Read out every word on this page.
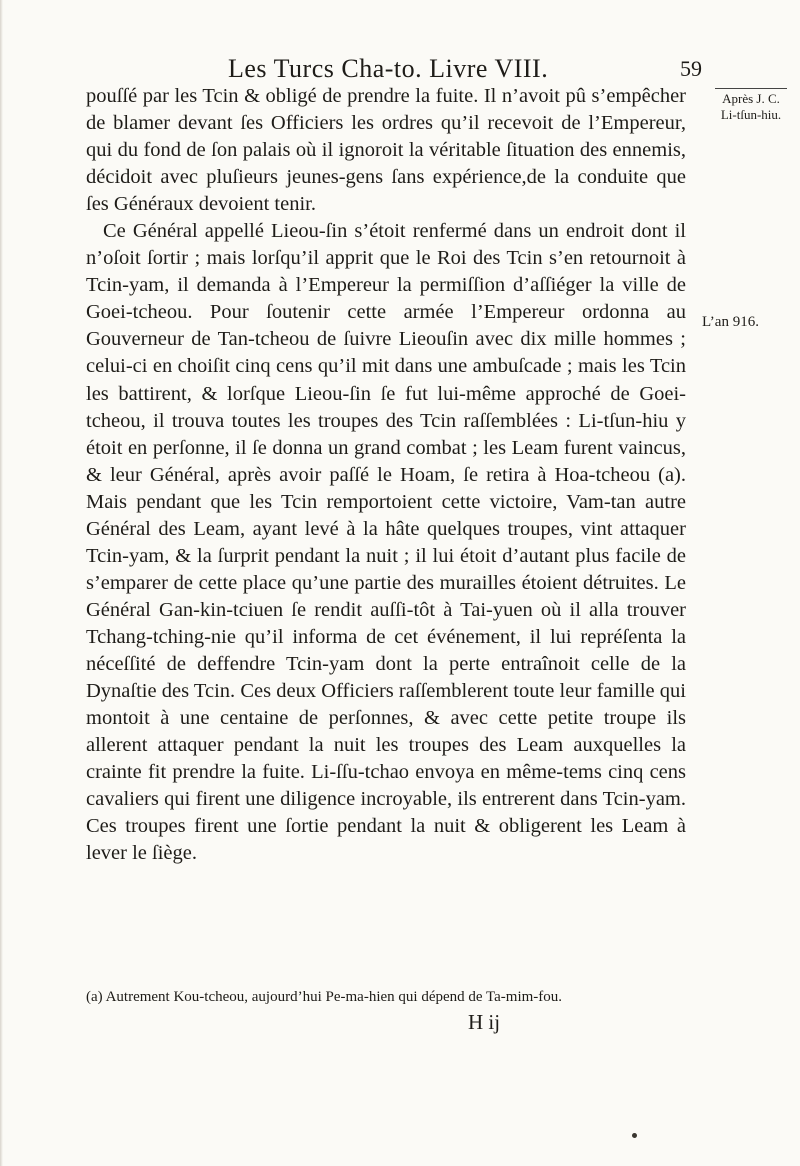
Les Turcs Cha-to. Livre VIII.	59

pouſſé par les Tcin & obligé de prendre la fuite. Il n’avoit pû s’empêcher de blamer devant ſes Officiers les ordres qu’il recevoit de l’Empereur, qui du fond de ſon palais où il ignoroit la véritable ſituation des ennemis, décidoit avec pluſieurs jeunes-gens ſans expérience,de la conduite que ſes Généraux devoient tenir.

Ce Général appellé Lieou-ſin s’étoit renfermé dans un endroit dont il n’oſoit ſortir ; mais lorſqu’il apprit que le Roi des Tcin s’en retournoit à Tcin-yam, il demanda à l’Empereur la permiſſion d’aſſiéger la ville de Goei-tcheou. Pour ſoutenir cette armée l’Empereur ordonna au Gouverneur de Tan-tcheou de ſuivre Lieouſin avec dix mille hommes ; celui-ci en choiſit cinq cens qu’il mit dans une ambuſcade ; mais les Tcin les battirent, & lorſque Lieou-ſin ſe fut lui-même approché de Goei-tcheou, il trouva toutes les troupes des Tcin raſſemblées : Li-tſun-hiu y étoit en perſonne, il ſe donna un grand combat ; les Leam furent vaincus, & leur Général, après avoir paſſé le Hoam, ſe retira à Hoa-tcheou (a). Mais pendant que les Tcin remportoient cette victoire, Vam-tan autre Général des Leam, ayant levé à la hâte quelques troupes, vint attaquer Tcin-yam, & la ſurprit pendant la nuit ; il lui étoit d’autant plus facile de s’emparer de cette place qu’une partie des murailles étoient détruites. Le Général Gan-kin-tciuen ſe rendit auſſi-tôt à Tai-yuen où il alla trouver Tchang-tching-nie qu’il informa de cet événement, il lui repréſenta la néceſſité de deffendre Tcin-yam dont la perte entraînoit celle de la Dynaſtie des Tcin. Ces deux Officiers raſſemblerent toute leur famille qui montoit à une centaine de perſonnes, & avec cette petite troupe ils allerent attaquer pendant la nuit les troupes des Leam auxquelles la crainte fit prendre la fuite. Li-ſſu-tchao envoya en même-tems cinq cens cavaliers qui firent une diligence incroyable, ils entrerent dans Tcin-yam. Ces troupes firent une ſortie pendant la nuit & obligerent les Leam à lever le ſiège.

Après J. C.
Li-tſun-hiu.
L’an 916.
(a) Autrement Kou-tcheou, aujourd’hui Pe-ma-hien qui dépend de Ta-mim-fou.
H ij
